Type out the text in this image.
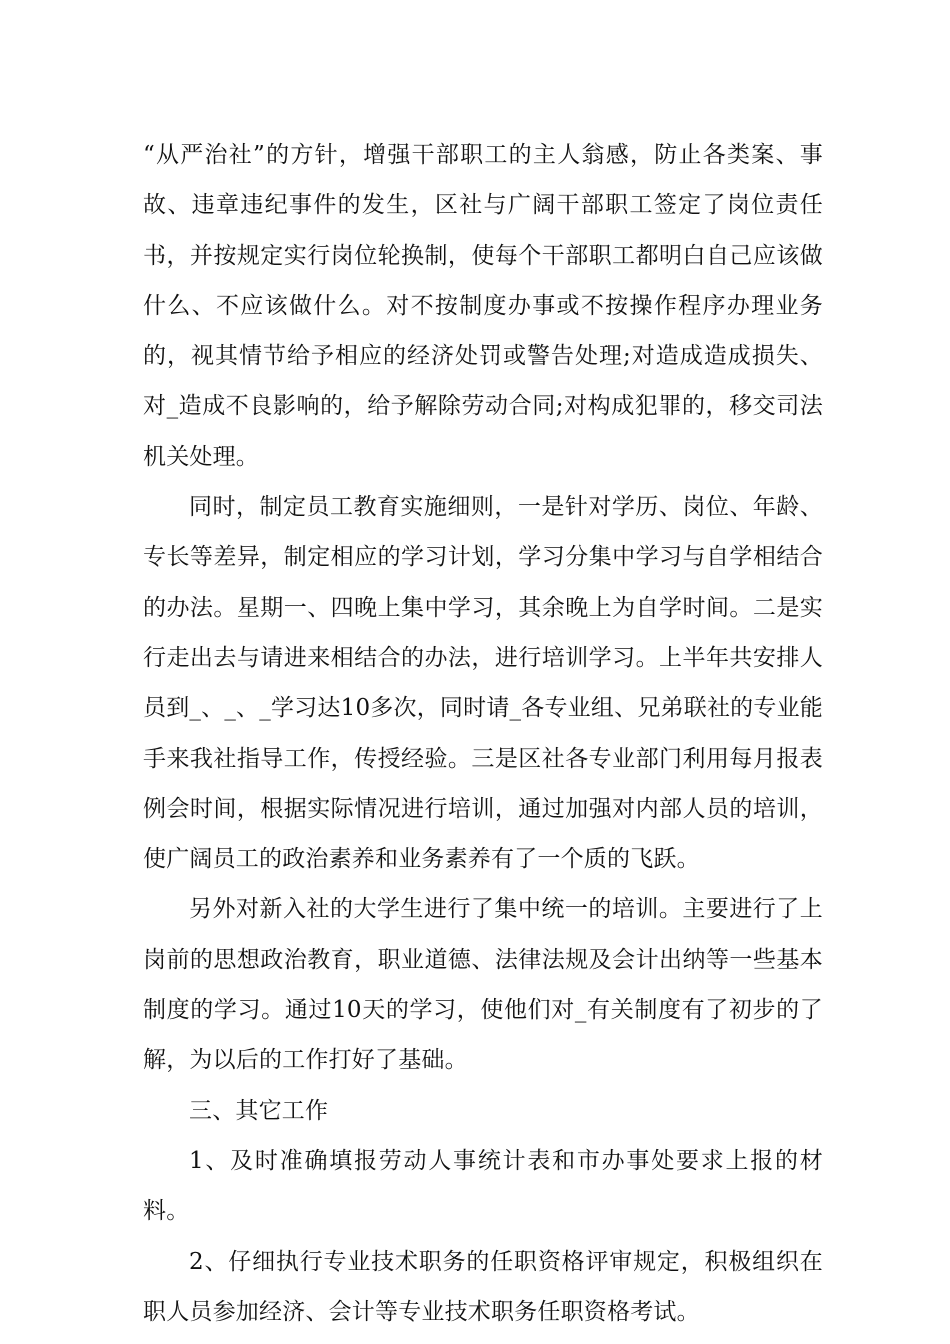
“从严治社”的方针，增强干部职工的主人翁感，防止各类案、事故、违章违纪事件的发生，区社与广阔干部职工签定了岗位责任书，并按规定实行岗位轮换制，使每个干部职工都明白自己应该做什么、不应该做什么。对不按制度办事或不按操作程序办理业务的，视其情节给予相应的经济处罚或警告处理;对造成造成损失、对_造成不良影响的，给予解除劳动合同;对构成犯罪的，移交司法机关处理。

同时，制定员工教育实施细则，一是针对学历、岗位、年龄、专长等差异，制定相应的学习计划，学习分集中学习与自学相结合的办法。星期一、四晚上集中学习，其余晚上为自学时间。二是实行走出去与请进来相结合的办法，进行培训学习。上半年共安排人员到_、_、_学习达10多次，同时请_各专业组、兄弟联社的专业能手来我社指导工作，传授经验。三是区社各专业部门利用每月报表例会时间，根据实际情况进行培训，通过加强对内部人员的培训，使广阔员工的政治素养和业务素养有了一个质的飞跃。

另外对新入社的大学生进行了集中统一的培训。主要进行了上岗前的思想政治教育，职业道德、法律法规及会计出纳等一些基本制度的学习。通过10天的学习，使他们对_有关制度有了初步的了解，为以后的工作打好了基础。

三、其它工作

1、及时准确填报劳动人事统计表和市办事处要求上报的材料。

2、仔细执行专业技术职务的任职资格评审规定，积极组织在职人员参加经济、会计等专业技术职务任职资格考试。
